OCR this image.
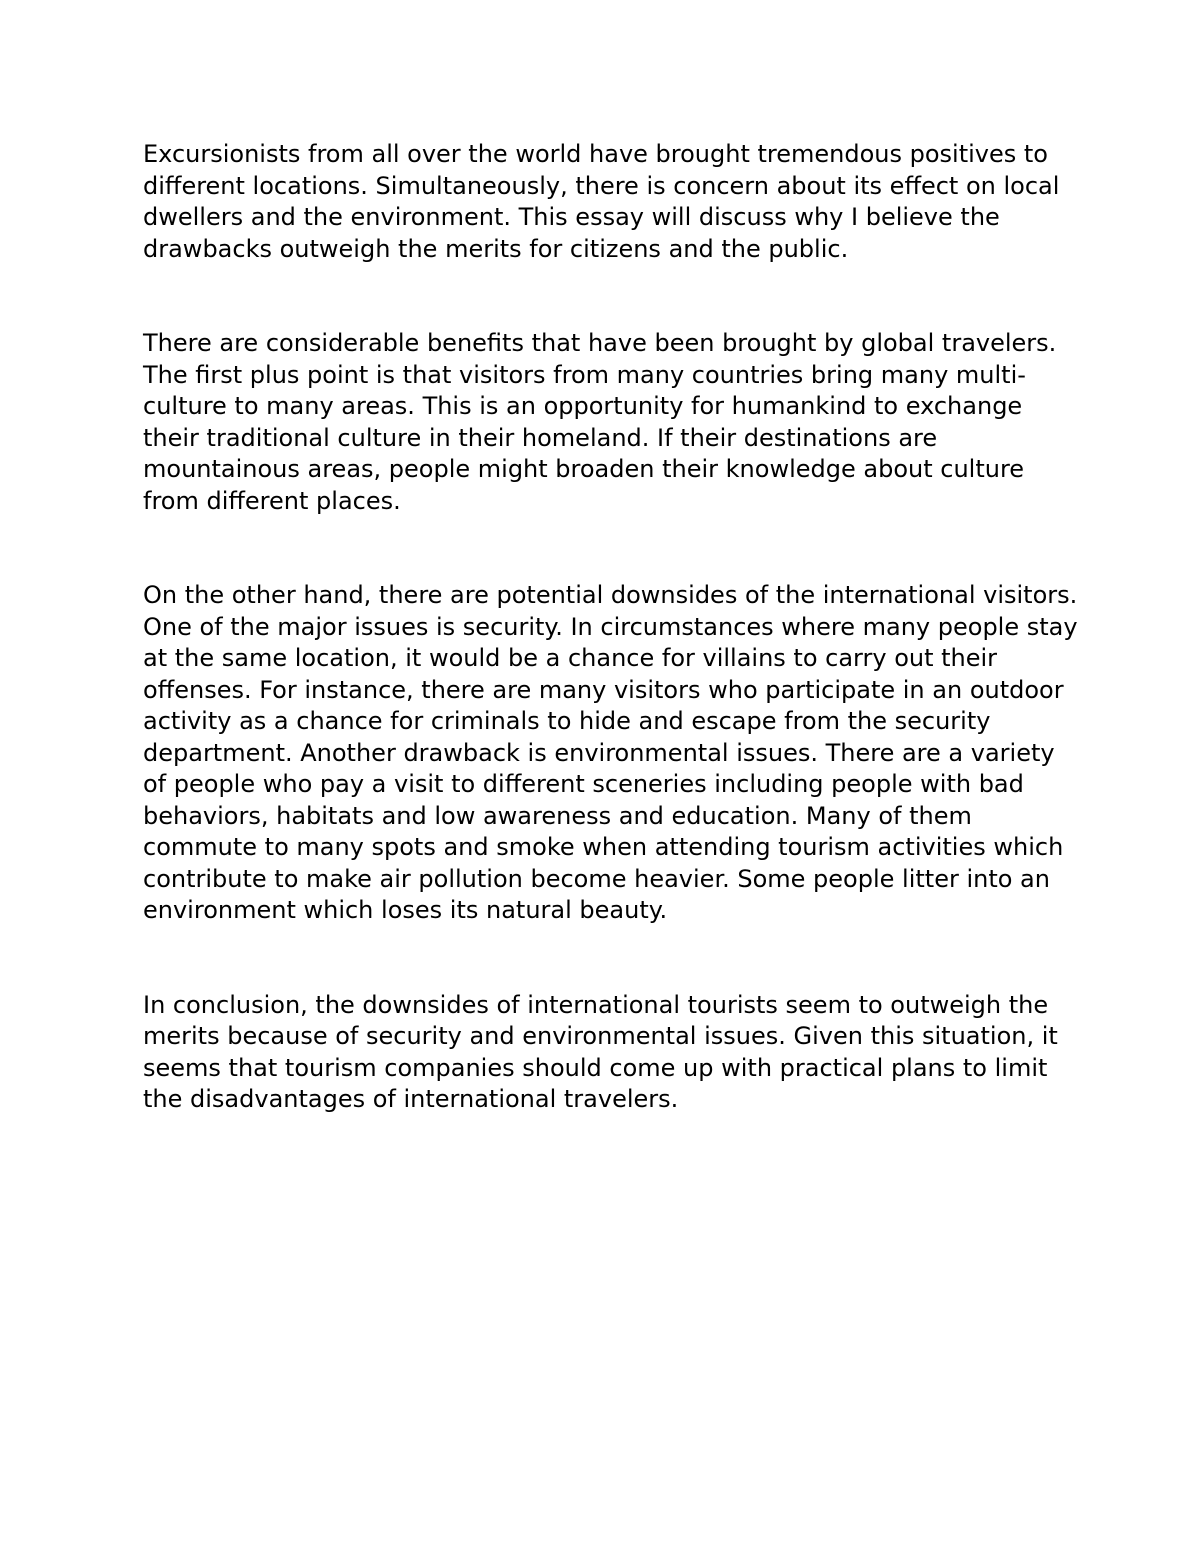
Excursionists from all over the world have brought tremendous positives to
different locations. Simultaneously, there is concern about its effect on local
dwellers and the environment. This essay will discuss why I believe the
drawbacks outweigh the merits for citizens and the public.

There are considerable benefits that have been brought by global travelers.
The first plus point is that visitors from many countries bring many multi-
culture to many areas. This is an opportunity for humankind to exchange
their traditional culture in their homeland. If their destinations are
mountainous areas, people might broaden their knowledge about culture
from different places.

On the other hand, there are potential downsides of the international visitors.
One of the major issues is security. In circumstances where many people stay
at the same location, it would be a chance for villains to carry out their
offenses. For instance, there are many visitors who participate in an outdoor
activity as a chance for criminals to hide and escape from the security
department. Another drawback is environmental issues. There are a variety
of people who pay a visit to different sceneries including people with bad
behaviors, habitats and low awareness and education. Many of them
commute to many spots and smoke when attending tourism activities which
contribute to make air pollution become heavier. Some people litter into an
environment which loses its natural beauty.

In conclusion, the downsides of international tourists seem to outweigh the
merits because of security and environmental issues. Given this situation, it
seems that tourism companies should come up with practical plans to limit
the disadvantages of international travelers.
